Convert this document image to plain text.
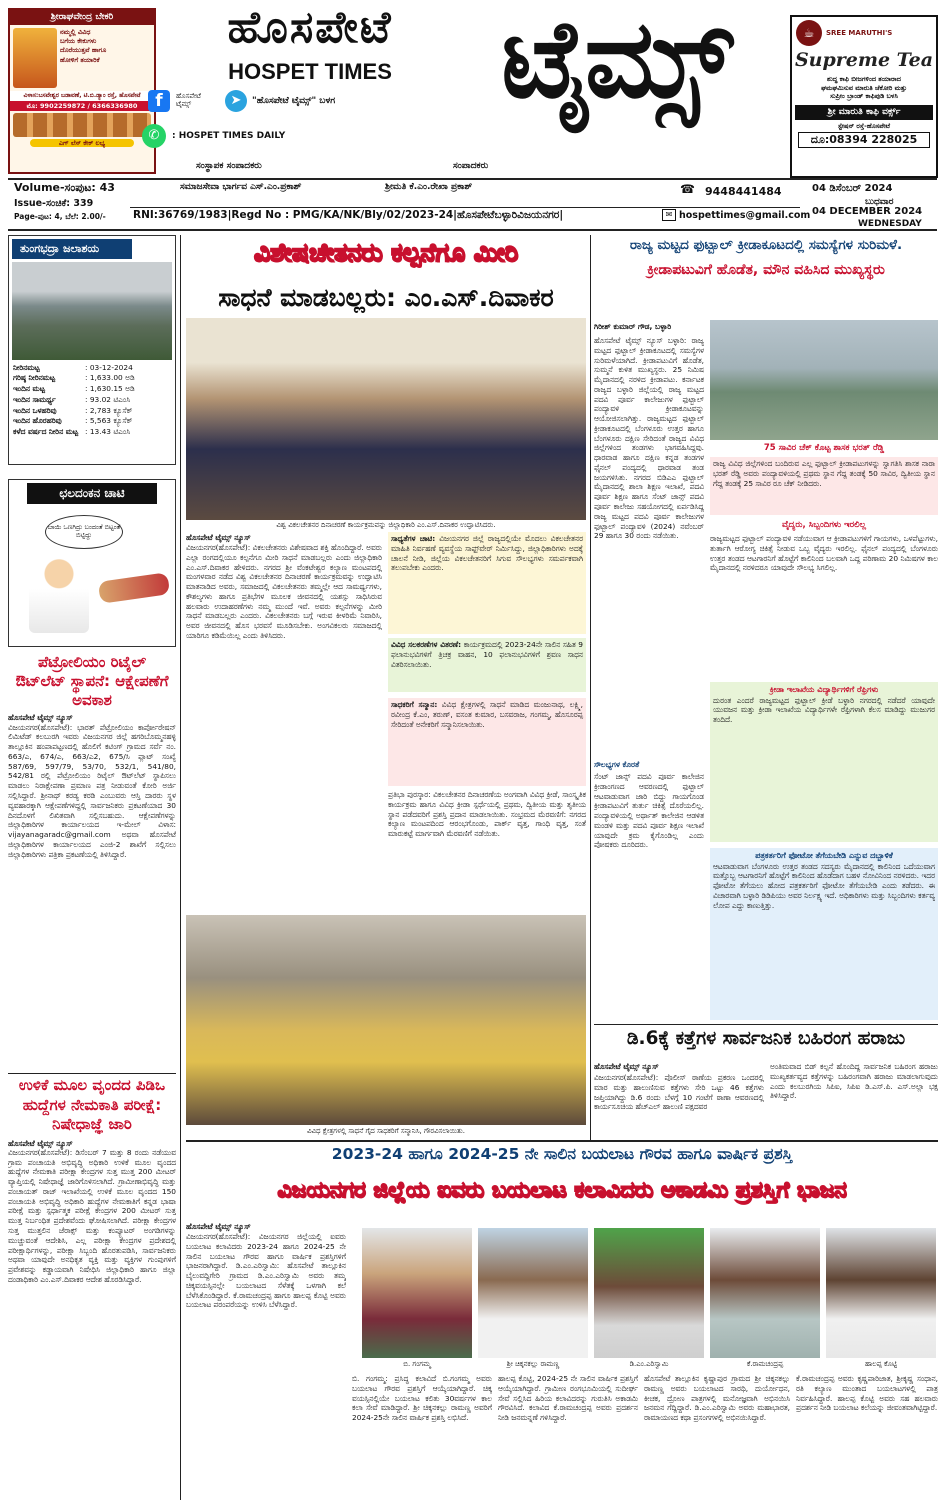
ಶ್ರೀರಾಘವೇಂದ್ರ ಬೇಕರಿ
ನಮ್ಮಲ್ಲಿ ವಿವಿಧ
ಬಗೆಯ ಕೇಕುಗಳು
ದೊರೆಯುತ್ತವೆ ಹಾಗೂ
ಹೋಳಿಗೆ ತಯಾರಿಕೆ
ವಿಳಾಸ:ಬಸವೇಶ್ವರ ಬಡಾವಣೆ, ಟಿ.ಬಿ.ಡ್ಯಾಂ ರಸ್ತೆ, ಹೊಸಪೇಟೆ
ಮೊ: 9902259872 / 6366336980
ಎಗ್ ಲೆಸ್ ಕೇಕ್ ಲಭ್ಯ
ಹೊಸಪೇಟೆ
HOSPET TIMES	ಟೈಮ್ಸ್
f	ಹೊಸಪೇಟೆ ಟೈಮ್ಸ್	➤	"ಹೊಸಪೇಟೆ ಟೈಮ್ಸ್" ಬಳಗ
✆	: HOSPET TIMES DAILY
ಸಂಸ್ಥಾಪಕ ಸಂಪಾದಕರು	ಸಂಪಾದಕರು
☕	SREE MARUTHI'S
Supreme Tea
ಶುದ್ಧ ಕಾಫಿ ಬೀಜಗಳಿಂದ ತಯಾರಾದ
ಘಮಘಮಿಸುವ ಮಾರುತಿ ಚೆಕೋರಿ ಮತ್ತು
ಸುಪ್ರೀಂ ಬ್ರಾಂಡ್ ಕಾಫಿಪುಡಿ ಬಳಸಿ
ಶ್ರೀ ಮಾರುತಿ ಕಾಫಿ ವರ್ಕ್ಸ್
ಸ್ಟೇಷನ್ ರಸ್ತೆ-ಹೊಸಪೇಟೆ
ದೂ:08394 228025
Volume-ಸಂಪುಟ: 43	ಸಮಾಜಸೇವಾ ಭಾರ್ಗವ ಎಸ್.ಎಂ.ಪ್ರಕಾಶ್	ಶ್ರೀಮತಿ ಕೆ.ಎಂ.ರೇಖಾ ಪ್ರಕಾಶ್	☎ 9448441484	04 ಡಿಸೆಂಬರ್ 2024
Issue-ಸಂಚಿಕೆ: 339	ಬುಧವಾರ
Page-ಪುಟ: 4, ಬೆಲೆ: 2.00/-	RNI:36769/1983|Regd No : PMG/KA/NK/Bly/02/2023-24|ಹೊಸಪೇಟೆಬಳ್ಳಾರಿವಿಜಯನಗರ|	✉ hospettimes@gmail.com 04 DECEMBER 2024
WEDNESDAY
ತುಂಗಭದ್ರಾ ಜಲಾಶಯ
ನೀರಿನಮಟ್ಟ	: 03-12-2024
ಗರಿಷ್ಠ ನೀರಿನಮಟ್ಟ	: 1,633.00 ಅಡಿ
ಇಂದಿನ ಮಟ್ಟ	: 1,630.15 ಅಡಿ
ಇಂದಿನ ಸಾಮರ್ಥ್ಯ	: 93.02 ಟಿಎಂಸಿ
ಇಂದಿನ ಒಳಹರಿವು	: 2,783 ಕ್ಯೂಸೆಕ್
ಇಂದಿನ ಹೊರಹರಿವು	: 5,563 ಕ್ಯೂಸೆಕ್
ಕಳೆದ ವರ್ಷದ ನೀರಿನ ಮಟ್ಟ : 13.43 ಟಿಎಂಸಿ
ಛಲದಂಕನ ಚಾಟಿ
ಬಾಯಿ ಒಣಗಿದ್ರು ಬಂದಂತೆ ಬಿಟ್ಟಂತೆ ಬಿಟ್ಟಿದ್ದು
ಪೆಟ್ರೋಲಿಯಂ ರಿಟೈಲ್ ಔಟ್‌ಲೆಟ್ ಸ್ಥಾಪನೆ: ಆಕ್ಷೇಪಣೆಗೆ ಅವಕಾಶ
ಹೊಸಪೇಟೆ ಟೈಮ್ಸ್ ನ್ಯೂಸ್
ವಿಜಯನಗರ(ಹೊಸಪೇಟೆ): ಭಾರತ್ ಪೆಟ್ರೋಲಿಯಂ ಕಾರ್ಪೋರೇಷನ್ ಲಿಮಿಟೆಡ್ ಕಲಬುರಗಿ ಇವರು ವಿಜಯನಗರ ಜಿಲ್ಲೆ ಹಗರಿಬೊಮ್ಮನಹಳ್ಳಿ ತಾಲ್ಲೂಕಿನ ಹಂಪಾಪಟ್ಟಣದಲ್ಲಿ ಹೊಲಿಗೆ ಕಟಿಂಗ್ ಗ್ರಾಮದ ಸರ್ವೆ ನಂ. 663/ಎ, 674/ಎ, 663/ಎ2, 675/ಸಿ ಪ್ಲಾಟ್ ಸಂಖ್ಯೆ 587/69, 597/79, 53/70, 532/1, 541/80, 542/81 ರಲ್ಲಿ ಪೆಟ್ರೋಲಿಯಂ ರಿಟೈಲ್ ಔಟ್‌ಲೆಟ್ ಸ್ಥಾಪಿಸಲು ಮಾಡಲು ನಿರಾಕ್ಷೇಪಣಾ ಪ್ರಮಾಣ ಪತ್ರ ನೀಡುವಂತೆ ಕೋರಿ ಅರ್ಜಿ ಸಲ್ಲಿಸಿದ್ದಾರೆ. ಶ್ರೀನಾಥ್ ಕರಡ್ಯ ಕರಡಿ ಎಂಬುವರು ಆಸ್ತಿ ದಾರರು ಸ್ಥಳ ವ್ಯವಹಾರಕ್ಕಾಗಿ ಆಕ್ಷೇಪಣೆಗಳಿದ್ದಲ್ಲಿ ಸಾರ್ವಜನಿಕರು ಪ್ರಕಟಣೆಯಾದ 30 ದಿನದೊಳಗೆ ಲಿಖಿತವಾಗಿ ಸಲ್ಲಿಸಬಹುದು. ಆಕ್ಷೇಪಣೆಗಳನ್ನು ಜಿಲ್ಲಾಧಿಕಾರಿಗಳ ಕಾರ್ಯಾಲಯದ ಇ-ಮೇಲ್ ವಿಳಾಸ: vijayanagaradc@gmail.com ಅಥವಾ ಹೊಸಪೇಟೆ ಜಿಲ್ಲಾಧಿಕಾರಿಗಳ ಕಾರ್ಯಾಲಯದ ಎಂಜಿ-2 ಶಾಖೆಗೆ ಸಲ್ಲಿಸಲು ಜಿಲ್ಲಾಧಿಕಾರಿಗಳು ಪತ್ರಿಕಾ ಪ್ರಕಟಣೆಯಲ್ಲಿ ತಿಳಿಸಿದ್ದಾರೆ.
ಉಳಿಕೆ ಮೂಲ ವೃಂದದ ಪಿಡಿಒ ಹುದ್ದೆಗಳ ನೇಮಕಾತಿ ಪರೀಕ್ಷೆ: ನಿಷೇಧಾಜ್ಞೆ ಜಾರಿ
ಹೊಸಪೇಟೆ ಟೈಮ್ಸ್ ನ್ಯೂಸ್
ವಿಜಯನಗರ(ಹೊಸಪೇಟೆ): ಡಿಸೆಂಬರ್ 7 ಮತ್ತು 8 ರಂದು ನಡೆಯುವ ಗ್ರಾಮ ಪಂಚಾಯತಿ ಅಭಿವೃದ್ಧಿ ಅಧಿಕಾರಿ ಉಳಿಕೆ ಮೂಲ ವೃಂದದ ಹುದ್ದೆಗಳ ನೇಮಕಾತಿ ಪರೀಕ್ಷಾ ಕೇಂದ್ರಗಳ ಸುತ್ತ ಮುತ್ತ 200 ಮೀಟರ್ ವ್ಯಾಪ್ತಿಯಲ್ಲಿ ನಿಷೇಧಾಜ್ಞೆ ಜಾರಿಗೊಳಿಸಲಾಗಿದೆ. ಗ್ರಾಮೀಣಾಭಿವೃದ್ಧಿ ಮತ್ತು ಪಂಚಾಯತ್ ರಾಜ್ ಇಲಾಖೆಯಲ್ಲಿ ಉಳಿಕೆ ಮೂಲ ವೃಂದದ 150 ಪಂಚಾಯತಿ ಅಭಿವೃದ್ಧಿ ಅಧಿಕಾರಿ ಹುದ್ದೆಗಳ ನೇಮಕಾತಿಗೆ ಕನ್ನಡ ಭಾಷಾ ಪರೀಕ್ಷೆ ಮತ್ತು ಸ್ಪರ್ಧಾತ್ಮಕ ಪರೀಕ್ಷೆ ಕೇಂದ್ರಗಳ 200 ಮೀಟರ್ ಸುತ್ತ ಮುತ್ತ ನಿರ್ಬಂಧಿತ ಪ್ರದೇಶವೆಂದು ಘೋಷಿಸಲಾಗಿದೆ. ಪರೀಕ್ಷಾ ಕೇಂದ್ರಗಳ ಸುತ್ತ ಮುತ್ತಲಿನ ಜೆರಾಕ್ಸ್ ಮತ್ತು ಕಂಪ್ಯೂಟರ್ ಅಂಗಡಿಗಳನ್ನು ಮುಚ್ಚುವಂತೆ ಆದೇಶಿಸಿ, ಎಲ್ಲ ಪರೀಕ್ಷಾ ಕೇಂದ್ರಗಳ ಪ್ರದೇಶದಲ್ಲಿ ಪರೀಕ್ಷಾರ್ಥಿಗಳನ್ನು, ಪರೀಕ್ಷಾ ಸಿಬ್ಬಂದಿ ಹೊರತುಪಡಿಸಿ, ಸಾರ್ವಜನಿಕರು ಅಥವಾ ಯಾವುದೇ ಅನಧಿಕೃತ ವ್ಯಕ್ತಿ ಮತ್ತು ವ್ಯಕ್ತಿಗಳ ಗುಂಪುಗಳಿಗೆ ಪ್ರವೇಶವನ್ನು ಕಡ್ಡಾಯವಾಗಿ ನಿಷೇಧಿಸಿ ಜಿಲ್ಲಾಧಿಕಾರಿ ಹಾಗೂ ಜಿಲ್ಲಾ ದಂಡಾಧಿಕಾರಿ ಎಂ.ಎಸ್.ದಿವಾಕರ ಆದೇಶ ಹೊರಡಿಸಿದ್ದಾರೆ.
ವಿಶೇಷಚೇತನರು ಕಲ್ಪನೆಗೂ ಮೀರಿ
ಸಾಧನೆ ಮಾಡಬಲ್ಲರು: ಎಂ.ಎಸ್.ದಿವಾಕರ
ವಿಶ್ವ ವಿಕಲಚೇತನರ ದಿನಾಚರಣೆ ಕಾರ್ಯಕ್ರಮವನ್ನು ಜಿಲ್ಲಾಧಿಕಾರಿ ಎಂ.ಎಸ್.ದಿವಾಕರ ಉದ್ಘಾಟಿಸಿದರು.
ಹೊಸಪೇಟೆ ಟೈಮ್ಸ್ ನ್ಯೂಸ್
ವಿಜಯನಗರ(ಹೊಸಪೇಟೆ): ವಿಕಲಚೇತನರು ವಿಶೇಷವಾದ ಶಕ್ತಿ ಹೊಂದಿದ್ದಾರೆ. ಅವರು ಎಲ್ಲಾ ರಂಗದಲ್ಲಿಯೂ ಕಲ್ಪನೆಗೂ ಮೀರಿ ಸಾಧನೆ ಮಾಡಬಲ್ಲರು ಎಂದು ಜಿಲ್ಲಾಧಿಕಾರಿ ಎಂ.ಎಸ್.ದಿವಾಕರ ಹೇಳಿದರು. ನಗರದ ಶ್ರೀ ವೆಂಕಟೇಶ್ವರ ಕಲ್ಯಾಣ ಮಂಟಪದಲ್ಲಿ ಮಂಗಳವಾರ ನಡೆದ ವಿಶ್ವ ವಿಕಲಚೇತನರ ದಿನಾಚರಣೆ ಕಾರ್ಯಕ್ರಮವನ್ನು ಉದ್ಘಾಟಿಸಿ ಮಾತನಾಡಿದ ಅವರು, ಸಮಾಜದಲ್ಲಿ ವಿಕಲಚೇತನರು ತಮ್ಮಲ್ಲೇ ಆದ ಸಾಮರ್ಥ್ಯಗಳು, ಕೌಶಲ್ಯಗಳು ಹಾಗೂ ಪ್ರತಿಭೆಗಳ ಮೂಲಕ ಜೀವನದಲ್ಲಿ ಯಶಸ್ಸು ಸಾಧಿಸಿರುವ ಹಲವಾರು ಉದಾಹರಣೆಗಳು ನಮ್ಮ ಮುಂದೆ ಇವೆ. ಅವರು ಕಲ್ಪನೆಗಳನ್ನು ಮೀರಿ ಸಾಧನೆ ಮಾಡಬಲ್ಲರು ಎಂದರು. ವಿಕಲಚೇತನರು ಬಗ್ಗೆ ಇರುವ ಕೀಳರಿಮೆ ನಿವಾರಿಸಿ, ಅವರ ಜೀವನದಲ್ಲಿ ಹೊಸ ಭರವಸೆ ಮೂಡಿಸಬೇಕು. ಅಂಗವಿಕಲರು ಸಮಾಜದಲ್ಲಿ ಯಾರಿಗೂ ಕಡಿಮೆಯಿಲ್ಲ ಎಂದು ತಿಳಿಸಿದರು.
ಸಾಧ್ಯತೆಗಳ ಚಾಟಿ: ವಿಜಯನಗರ ಜಿಲ್ಲೆ ರಾಜ್ಯದಲ್ಲಿಯೇ ಮೊದಲು ವಿಕಲಚೇತನರ ಮಾಹಿತಿ ನಿರ್ವಹಣೆ ವ್ಯವಸ್ಥೆಯ ಸಾಫ್ಟ್‌ವೇರ್ ನಿರ್ಮಿಸಿದ್ದು, ಜಿಲ್ಲಾಧಿಕಾರಿಗಳು ಅದಕ್ಕೆ ಚಾಲನೆ ನೀಡಿ, ಜಿಲ್ಲೆಯ ವಿಕಲಚೇತನರಿಗೆ ಸಿಗುವ ಸೌಲಭ್ಯಗಳು ಸಮರ್ಪಕವಾಗಿ ತಲುಪಬೇಕು ಎಂದರು.
ವಿವಿಧ ಸಲಕರಣೆಗಳ ವಿತರಣೆ: ಕಾರ್ಯಕ್ರಮದಲ್ಲಿ 2023-24ನೇ ಸಾಲಿನ ಸಹಿತ 9 ಫಲಾನುಭವಿಗಳಿಗೆ ತ್ರಿಚಕ್ರ ವಾಹನ, 10 ಫಲಾನುಭವಿಗಳಿಗೆ ಶ್ರವಣ ಸಾಧನ ವಿತರಿಸಲಾಯಿತು.
ಸಾಧಕರಿಗೆ ಸನ್ಮಾನ: ವಿವಿಧ ಕ್ಷೇತ್ರಗಳಲ್ಲಿ ಸಾಧನೆ ಮಾಡಿದ ಮಂಜುನಾಥ, ಲಕ್ಷ್ಮಿ, ರವೀಂದ್ರ ಕೆ.ಎಂ, ತರುಣ್, ವಸಂತ ಕುಮಾರ, ಬಸವರಾಜ, ಗಂಗಮ್ಮ, ಹೊಸೂರಪ್ಪ ಸೇರಿದಂತೆ ಅನೇಕರಿಗೆ ಸನ್ಮಾನಿಸಲಾಯಿತು.
ಪ್ರತಿಭಾ ಪುರಸ್ಕಾರ: ವಿಕಲಚೇತನರ ದಿನಾಚರಣೆಯ ಅಂಗವಾಗಿ ವಿವಿಧ ಕ್ರೀಡೆ, ಸಾಂಸ್ಕೃತಿಕ ಕಾರ್ಯಕ್ರಮ ಹಾಗೂ ವಿವಿಧ ಕ್ರೀಡಾ ಸ್ಪರ್ಧೆಯಲ್ಲಿ ಪ್ರಥಮ, ದ್ವಿತೀಯ ಮತ್ತು ತೃತೀಯ ಸ್ಥಾನ ಪಡೆದವರಿಗೆ ಪ್ರಶಸ್ತಿ ಪ್ರದಾನ ಮಾಡಲಾಯಿತು. ಸಂಭ್ರಮದ ಮೆರವಣಿಗೆ: ನಗರದ ಕಲ್ಯಾಣ ಮಂಟಪದಿಂದ ಆರಂಭಗೊಂಡು, ಪಾರ್ಕ್ ವೃತ್ತ, ಗಾಂಧಿ ವೃತ್ತ, ಸಂತೆ ಮಾರುಕಟ್ಟೆ ಮಾರ್ಗವಾಗಿ ಮೆರವಣಿಗೆ ನಡೆಯಿತು.
ವಿವಿಧ ಕ್ಷೇತ್ರಗಳಲ್ಲಿ ಸಾಧನೆ ಗೈದ ಸಾಧಕರಿಗೆ ಸನ್ಮಾನಿಸಿ, ಗೌರವಿಸಲಾಯಿತು.
ರಾಜ್ಯ ಮಟ್ಟದ ಫುಟ್ಬಾಲ್ ಕ್ರೀಡಾಕೂಟದಲ್ಲಿ ಸಮಸ್ಯೆಗಳ ಸುರಿಮಳೆ.
ಕ್ರೀಡಾಪಟುವಿಗೆ ಹೊಡೆತ, ಮೌನ ವಹಿಸಿದ ಮುಖ್ಯಸ್ಥರು
ಗಿರೀಶ್ ಕುಮಾರ್ ಗೌಡ, ಬಳ್ಳಾರಿ
ಹೊಸಪೇಟೆ ಟೈಮ್ಸ್ ನ್ಯೂಸ್ ಬಳ್ಳಾರಿ: ರಾಜ್ಯ ಮಟ್ಟದ ಫುಟ್ಬಾಲ್ ಕ್ರೀಡಾಕೂಟದಲ್ಲಿ ಸಮಸ್ಯೆಗಳ ಸುರಿಮಳೆಯಾಗಿದೆ. ಕ್ರೀಡಾಪಟುವಿಗೆ ಹೊಡೆತ, ಸುಮ್ಮನೆ ಕುಳಿತ ಮುಖ್ಯಸ್ಥರು. 25 ನಿಮಿಷ ಮೈದಾನದಲ್ಲಿ ನರಳಿದ ಕ್ರೀಡಾಪಟು. ಕರ್ನಾಟಕ ರಾಜ್ಯದ ಬಳ್ಳಾರಿ ಜಿಲ್ಲೆಯಲ್ಲಿ ರಾಜ್ಯ ಮಟ್ಟದ ಪದವಿ ಪೂರ್ವ ಕಾಲೇಜುಗಳ ಫುಟ್ಬಾಲ್ ಪಂದ್ಯಾವಳಿ ಕ್ರೀಡಾಕೂಟವನ್ನು ಆಯೋಜಿಸಲಾಗಿತ್ತು. ರಾಜ್ಯಮಟ್ಟದ ಫುಟ್ಬಾಲ್ ಕ್ರೀಡಾಕೂಟದಲ್ಲಿ ಬೆಂಗಳೂರು ಉತ್ತರ ಹಾಗೂ ಬೆಂಗಳೂರು ದಕ್ಷಿಣ ಸೇರಿದಂತೆ ರಾಜ್ಯದ ವಿವಿಧ ಜಿಲ್ಲೆಗಳಿಂದ ತಂಡಗಳು ಭಾಗವಹಿಸಿದ್ದವು. ಧಾರವಾಡ ಹಾಗೂ ದಕ್ಷಿಣ ಕನ್ನಡ ತಂಡಗಳ ಫೈನಲ್ ಪಂದ್ಯದಲ್ಲಿ ಧಾರವಾಡ ತಂಡ ಜಯಗಳಿಸಿತು. ನಗರದ ಬಿಡಿಎಎ ಫುಟ್ಬಾಲ್ ಮೈದಾನದಲ್ಲಿ ಶಾಲಾ ಶಿಕ್ಷಣ ಇಲಾಖೆ, ಪದವಿ ಪೂರ್ವ ಶಿಕ್ಷಣ ಹಾಗೂ ಸೆಂಟ್ ಜಾನ್ಸ್ ಪದವಿ ಪೂರ್ವ ಕಾಲೇಜು ಸಹಯೋಗದಲ್ಲಿ ಏರ್ಪಡಿಸಿದ್ದ ರಾಜ್ಯ ಮಟ್ಟದ ಪದವಿ ಪೂರ್ವ ಕಾಲೇಜುಗಳ ಫುಟ್ಬಾಲ್ ಪಂದ್ಯಾವಳಿ (2024) ನವೆಂಬರ್ 29 ಹಾಗೂ 30 ರಂದು ನಡೆಯಿತು.
ಸೌಲಭ್ಯಗಳ ಕೊರತೆ
ಸೆಂಟ್ ಜಾನ್ಸ್ ಪದವಿ ಪೂರ್ವ ಕಾಲೇಜಿನ ಕ್ರೀಡಾಂಗಣದ ಆವರಣದಲ್ಲಿ ಫುಟ್ಬಾಲ್ ಆಟವಾಡುವಾಗ ಜಾರಿ ಬಿದ್ದು ಗಾಯಗೊಂಡ ಕ್ರೀಡಾಪಟುವಿಗೆ ತುರ್ತು ಚಿಕಿತ್ಸೆ ದೊರೆಯಲಿಲ್ಲ. ಪಂದ್ಯಾವಳಿಯಲ್ಲಿ ಅರ್ಥಾತ್ ಕಾಲೇಜಿನ ಆಡಳಿತ ಮಂಡಳಿ ಮತ್ತು ಪದವಿ ಪೂರ್ವ ಶಿಕ್ಷಣ ಇಲಾಖೆ ಯಾವುದೇ ಕ್ರಮ ಕೈಗೊಂಡಿಲ್ಲ ಎಂದು ಪೋಷಕರು ದೂರಿದರು.
75 ಸಾವಿರ ಚೆಕ್ ಕೊಟ್ಟ ಶಾಸಕ ಭರತ್ ರೆಡ್ಡಿ
ರಾಜ್ಯ ವಿವಿಧ ಜಿಲ್ಲೆಗಳಿಂದ ಬಂದಿರುವ ಎಲ್ಲ ಫುಟ್ಬಾಲ್ ಕ್ರೀಡಾಪಟುಗಳನ್ನು ಸ್ವಾಗತಿಸಿ ಶಾಸಕ ನಾರಾ ಭರತ್ ರೆಡ್ಡಿ ಅವರು ಪಂದ್ಯಾವಳಿಯಲ್ಲಿ ಪ್ರಥಮ ಸ್ಥಾನ ಗೆದ್ದ ತಂಡಕ್ಕೆ 50 ಸಾವಿರ, ದ್ವಿತೀಯ ಸ್ಥಾನ ಗೆದ್ದ ತಂಡಕ್ಕೆ 25 ಸಾವಿರ ರೂ ಚೆಕ್ ನೀಡಿದರು.
ವೈದ್ಯರು, ಸಿಬ್ಬಂದಿಗಳು ಇರಲಿಲ್ಲ
ರಾಜ್ಯಮಟ್ಟದ ಫುಟ್ಬಾಲ್ ಪಂದ್ಯಾವಳಿ ನಡೆಯುವಾಗ ಆ ಕ್ರೀಡಾಪಟುಗಳಿಗೆ ಗಾಯಗಳು, ಒಳಪೆಟ್ಟುಗಳು, ತುರ್ತಾಗಿ ಆರೋಗ್ಯ ಚಿಕಿತ್ಸೆ ನೀಡುವ ಒಬ್ಬ ವೈದ್ಯರು ಇರಲಿಲ್ಲ. ಫೈನಲ್ ಪಂದ್ಯದಲ್ಲಿ ಬೆಂಗಳೂರು ಉತ್ತರ ತಂಡದ ಆಟಗಾರನಿಗೆ ಹೊಟ್ಟೆಗೆ ಕಾಲಿನಿಂದ ಬಲವಾಗಿ ಒದ್ದ ಪರಿಣಾಮ 20 ನಿಮಿಷಗಳ ಕಾಲ ಮೈದಾನದಲ್ಲಿ ನರಳಿದರೂ ಯಾವುದೇ ಸೌಲಭ್ಯ ಸಿಗಲಿಲ್ಲ.
ಕ್ರೀಡಾ ಇಲಾಖೆಯ ವಿದ್ಯಾರ್ಥಿಗಳಿಗೆ ರೆಫ್ರಿಗಳು
ದುರಂತ ಎಂದರೆ ರಾಜ್ಯಮಟ್ಟದ ಫುಟ್ಬಾಲ್ ಕ್ರೀಡೆ ಬಳ್ಳಾರಿ ನಗರದಲ್ಲಿ ನಡೆದರೆ ಯಾವುದೇ ಯುವಜನ ಮತ್ತು ಕ್ರೀಡಾ ಇಲಾಖೆಯ ವಿದ್ಯಾರ್ಥಿಗಳೇ ರೆಫ್ರಿಗಳಾಗಿ ಕೆಲಸ ಮಾಡಿದ್ದು ಮುಜುಗರ ತಂದಿದೆ.
ಪತ್ರಕರ್ತರಿಗೆ ಫೋಟೋ ತೆಗೆಯಬೇಡಿ ಎನ್ನುವ ದಬ್ಬಾಳಿಕೆ
ಆಟವಾಡುವಾಗ ಬೆಂಗಳೂರು ಉತ್ತರ ತಂಡದ ಸದಸ್ಯರು ಮೈದಾನದಲ್ಲಿ ಕಾಲಿನಿಂದ ಒದೆಯುವಾಗ ಮತ್ತೊಬ್ಬ ಆಟಗಾರನಿಗೆ ಹೊಟ್ಟೆಗೆ ಕಾಲಿನಿಂದ ಹೊಡೆದಾಗ ಬಹಳ ನೋವಿನಿಂದ ನರಳಿದರು. ಇದರ ಫೋಟೋ ತೆಗೆಯಲು ಹೋದ ಪತ್ರಕರ್ತರಿಗೆ ಫೋಟೋ ತೆಗೆಯಬೇಡಿ ಎಂದು ತಡೆದರು. ಈ ವಿಚಾರವಾಗಿ ಬಳ್ಳಾರಿ ಡಿಡಿಪಿಯು ಅವರ ನಿರ್ಲಕ್ಷ್ಯ ಇದೆ. ಅಧಿಕಾರಿಗಳು ಮತ್ತು ಸಿಬ್ಬಂದಿಗಳು ಕರ್ತವ್ಯ ಲೋಪ ಎದ್ದು ಕಾಣುತ್ತಿತ್ತು.
ಡಿ.6ಕ್ಕೆ ಕತ್ತೆಗಳ ಸಾರ್ವಜನಿಕ ಬಹಿರಂಗ ಹರಾಜು
ಹೊಸಪೇಟೆ ಟೈಮ್ಸ್ ನ್ಯೂಸ್
ವಿಜಯನಗರ(ಹೊಸಪೇಟೆ): ಪೊಲೀಸ್ ಠಾಣೆಯ ಪ್ರಕರಣ ಒಂದರಲ್ಲಿ ಮಾರ ಮತ್ತು ಹಾಲುಣಿಸುವ ಕತ್ತೆಗಳು ಸೇರಿ ಒಟ್ಟು 46 ಕತ್ತೆಗಳು ಜಪ್ತಿಯಾಗಿದ್ದು ಡಿ.6 ರಂದು ಬೆಳಗ್ಗೆ 10 ಗಂಟೆಗೆ ಠಾಣಾ ಆವರಣದಲ್ಲಿ ಕಾರ್ಯಸೂಚಿಯ ಹೆಚ್‌ಎಲ್ ಹಾಲುಣಿ ಪಕ್ಷದವರ
ಅಂತಿಮವಾದ ಬಿಡ್ ಕಲ್ಪನೆ ಹೊಂದಿದ್ದ ಸಾರ್ವಜನಿಕ ಬಹಿರಂಗ ಹರಾಜು ಮುಖ್ಯಕರ್ತವ್ಯದ ಕತ್ತೆಗಳನ್ನು ಬಹಿರಂಗವಾಗಿ ಹರಾಜು ಮಾಡಲಾಗುವುದು ಎಂದು ಕಲಬುರಗಿಯ ಸಿಪಿಐ, ಸಿಪಿಐ ಡಿ.ಎಸ್.ಪಿ. ಎಸ್.ಅಲ್ಲಾ ಭಕ್ಷ ತಿಳಿಸಿದ್ದಾರೆ.
2023-24 ಹಾಗೂ 2024-25 ನೇ ಸಾಲಿನ ಬಯಲಾಟ ಗೌರವ ಹಾಗೂ ವಾರ್ಷಿಕ ಪ್ರಶಸ್ತಿ
ವಿಜಯನಗರ ಜಿಲ್ಲೆಯ ಐವರು ಬಯಲಾಟ ಕಲಾವಿದರು ಅಕಾಡಮಿ ಪ್ರಶಸ್ತಿಗೆ ಭಾಜನ
ಹೊಸಪೇಟೆ ಟೈಮ್ಸ್ ನ್ಯೂಸ್
ವಿಜಯನಗರ(ಹೊಸಪೇಟೆ): ವಿಜಯನಗರ ಜಿಲ್ಲೆಯಲ್ಲಿ ಐವರು ಬಯಲಾಟ ಕಲಾವಿದರು 2023-24 ಹಾಗೂ 2024-25 ನೇ ಸಾಲಿನ ಬಯಲಾಟ ಗೌರವ ಹಾಗೂ ವಾರ್ಷಿಕ ಪ್ರಶಸ್ತಿಗಳಿಗೆ ಭಾಜನರಾಗಿದ್ದಾರೆ. ಡಿ.ಎಂ.ಎರಿಸ್ವಾಮಿ: ಹೊಸಪೇಟೆ ತಾಲ್ಲೂಕಿನ ಬೈಲುವದ್ದಿಗೇರಿ ಗ್ರಾಮದ ಡಿ.ಎಂ.ಎರಿಸ್ವಾಮಿ ಅವರು ತಮ್ಮ ಚಿಕ್ಕವಯಸ್ಸಿನಲ್ಲೇ ಬಯಲಾಟದ ಸೆಳೆತಕ್ಕೆ ಒಳಗಾಗಿ ಕಲೆ ಬೆಳೆಸಿಕೊಂಡಿದ್ದಾರೆ. ಕೆ.ರಾಮಚಂದ್ರಪ್ಪ ಹಾಗೂ ಹಾಲಪ್ಪ ಕೊಟ್ಟಿ ಅವರು ಬಯಲಾಟ ಪರಂಪರೆಯನ್ನು ಉಳಿಸಿ ಬೆಳೆಸಿದ್ದಾರೆ.
ಬಿ. ಗಂಗಮ್ಮ	ಶ್ರೀ ಚಿಕ್ಕನಕಲ್ಲು ರಾಮಣ್ಣ	ಡಿ.ಎಂ.ಎರಿಸ್ವಾಮಿ	ಕೆ.ರಾಮಚಂದ್ರಪ್ಪ	ಹಾಲಪ್ಪ ಕೊಟ್ಟಿ
ಬಿ. ಗಂಗಮ್ಮ: ಪ್ರಸಿದ್ಧ ಕಲಾವಿದೆ ಬಿ.ಗಂಗಮ್ಮ ಅವರು ಬಯಲಾಟ ಗೌರವ ಪ್ರಶಸ್ತಿಗೆ ಆಯ್ಕೆಯಾಗಿದ್ದಾರೆ. ಚಿಕ್ಕ ವಯಸ್ಸಿನಲ್ಲಿಯೇ ಬಯಲಾಟ ಕಲಿತು 30ವರ್ಷಗಳ ಕಾಲ ಕಲಾ ಸೇವೆ ಮಾಡಿದ್ದಾರೆ. ಶ್ರೀ ಚಿಕ್ಕನಕಲ್ಲು ರಾಮಣ್ಣ ಅವರಿಗೆ 2024-25ನೇ ಸಾಲಿನ ವಾರ್ಷಿಕ ಪ್ರಶಸ್ತಿ ಲಭಿಸಿದೆ.
ಹಾಲಪ್ಪ ಕೊಟ್ಟಿ, 2024-25 ನೇ ಸಾಲಿನ ವಾರ್ಷಿಕ ಪ್ರಶಸ್ತಿಗೆ ಆಯ್ಕೆಯಾಗಿದ್ದಾರೆ. ಗ್ರಾಮೀಣ ರಂಗಭೂಮಿಯಲ್ಲಿ ಸುದೀರ್ಘ ಸೇವೆ ಸಲ್ಲಿಸಿದ ಹಿರಿಯ ಕಲಾವಿದರನ್ನು ಗುರುತಿಸಿ ಅಕಾಡಮಿ ಗೌರವಿಸಿದೆ. ಕಲಾವಿದ ಕೆ.ರಾಮಚಂದ್ರಪ್ಪ ಅವರು ಪ್ರದರ್ಶನ ನೀಡಿ ಜನಮನ್ನಣೆ ಗಳಿಸಿದ್ದಾರೆ.
ಹೊಸಪೇಟೆ ತಾಲ್ಲೂಕಿನ ಕೃಷ್ಣಾಪುರ ಗ್ರಾಮದ ಶ್ರೀ ಚಿಕ್ಕನಕಲ್ಲು ರಾಮಣ್ಣ ಅವರು ಬಯಲಾಟದ ಸಾರಥಿ, ದುರ್ಯೋಧನ, ಕೀಚಕ, ದ್ರೋಣ ಪಾತ್ರಗಳಲ್ಲಿ ಮನೋಜ್ಞವಾಗಿ ಅಭಿನಯಿಸಿ ಜನಮನ ಗೆದ್ದಿದ್ದಾರೆ. ಡಿ.ಎಂ.ಎರಿಸ್ವಾಮಿ ಅವರು ಮಹಾಭಾರತ, ರಾಮಾಯಣದ ಕಥಾ ಪ್ರಸಂಗಗಳಲ್ಲಿ ಅಭಿನಯಿಸಿದ್ದಾರೆ.
ಕೆ.ರಾಮಚಂದ್ರಪ್ಪ ಅವರು ಕೃಷ್ಣಪಾರಿಜಾತ, ಶ್ರೀಕೃಷ್ಣ ಸಂಧಾನ, ರತಿ ಕಲ್ಯಾಣ ಮುಂತಾದ ಬಯಲಾಟಗಳಲ್ಲಿ ಪಾತ್ರ ನಿರ್ವಹಿಸಿದ್ದಾರೆ. ಹಾಲಪ್ಪ ಕೊಟ್ಟಿ ಅವರು ಸಹ ಹಲವಾರು ಪ್ರದರ್ಶನ ನೀಡಿ ಬಯಲಾಟ ಕಲೆಯನ್ನು ಜೀವಂತವಾಗಿಟ್ಟಿದ್ದಾರೆ.
